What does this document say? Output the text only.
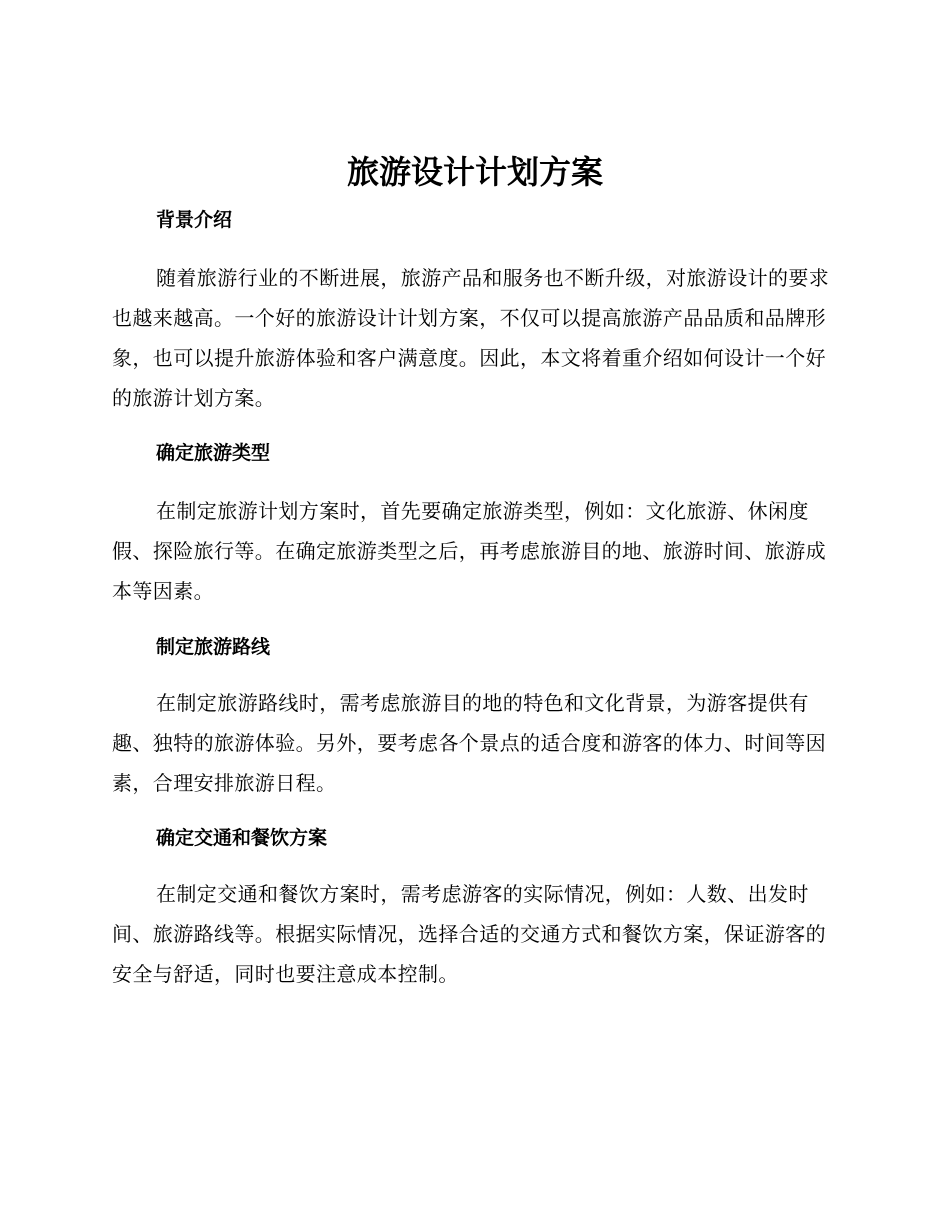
旅游设计计划方案
背景介绍

随着旅游行业的不断进展，旅游产品和服务也不断升级，对旅游设计的要求也越来越高。一个好的旅游设计计划方案，不仅可以提高旅游产品品质和品牌形象，也可以提升旅游体验和客户满意度。因此，本文将着重介绍如何设计一个好的旅游计划方案。

确定旅游类型

在制定旅游计划方案时，首先要确定旅游类型，例如：文化旅游、休闲度假、探险旅行等。在确定旅游类型之后，再考虑旅游目的地、旅游时间、旅游成本等因素。

制定旅游路线

在制定旅游路线时，需考虑旅游目的地的特色和文化背景，为游客提供有趣、独特的旅游体验。另外，要考虑各个景点的适合度和游客的体力、时间等因素，合理安排旅游日程。

确定交通和餐饮方案

在制定交通和餐饮方案时，需考虑游客的实际情况，例如：人数、出发时间、旅游路线等。根据实际情况，选择合适的交通方式和餐饮方案，保证游客的安全与舒适，同时也要注意成本控制。
